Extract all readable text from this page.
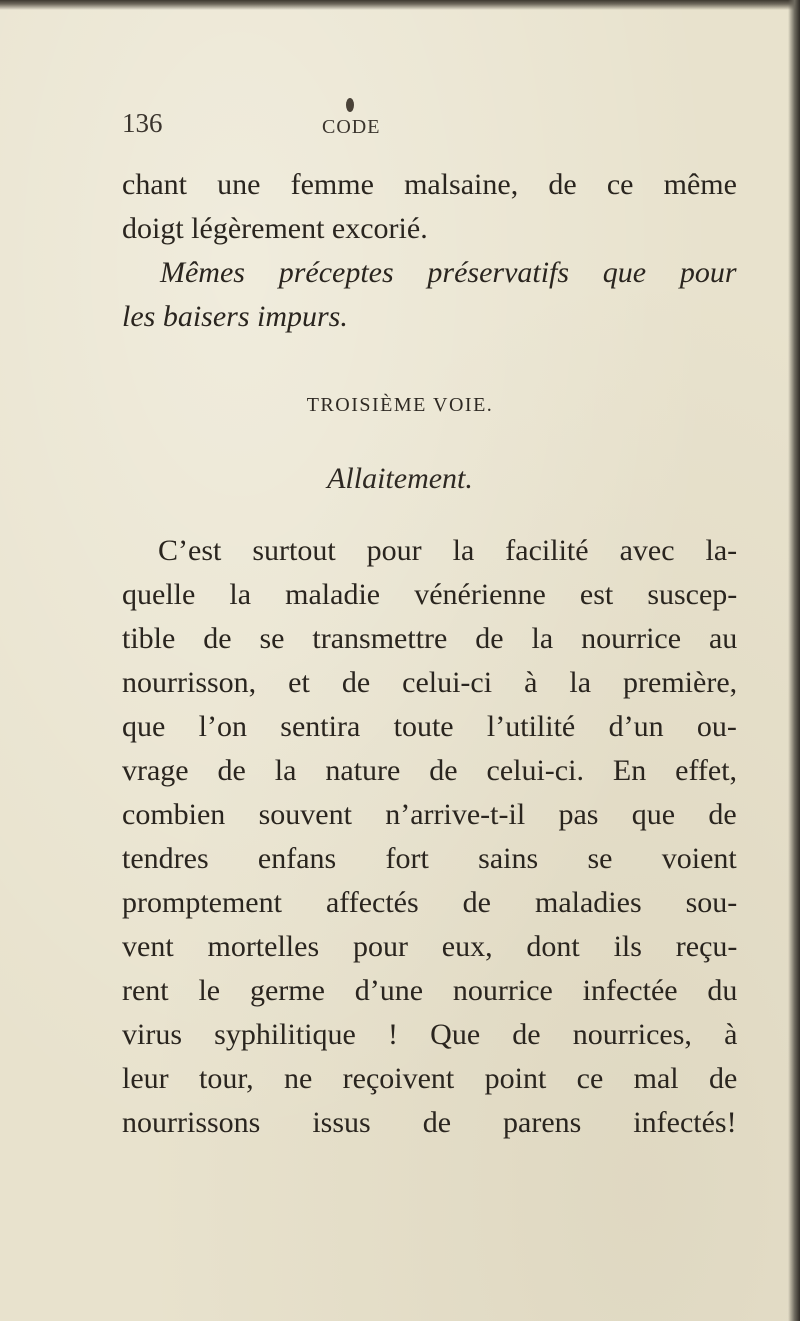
136	CODE
chant une femme malsaine, de ce même
doigt légèrement excorié.
Mêmes préceptes préservatifs que pour
les baisers impurs.
TROISIÈME VOIE.
Allaitement.
C’est surtout pour la facilité avec la-
quelle la maladie vénérienne est suscep-
tible de se transmettre de la nourrice au
nourrisson, et de celui-ci à la première,
que l’on sentira toute l’utilité d’un ou-
vrage de la nature de celui-ci. En effet,
combien souvent n’arrive-t-il pas que de
tendres enfans fort sains se voient
promptement affectés de maladies sou-
vent mortelles pour eux, dont ils reçu-
rent le germe d’une nourrice infectée du
virus syphilitique ! Que de nourrices, à
leur tour, ne reçoivent point ce mal de
nourrissons issus de parens infectés!
